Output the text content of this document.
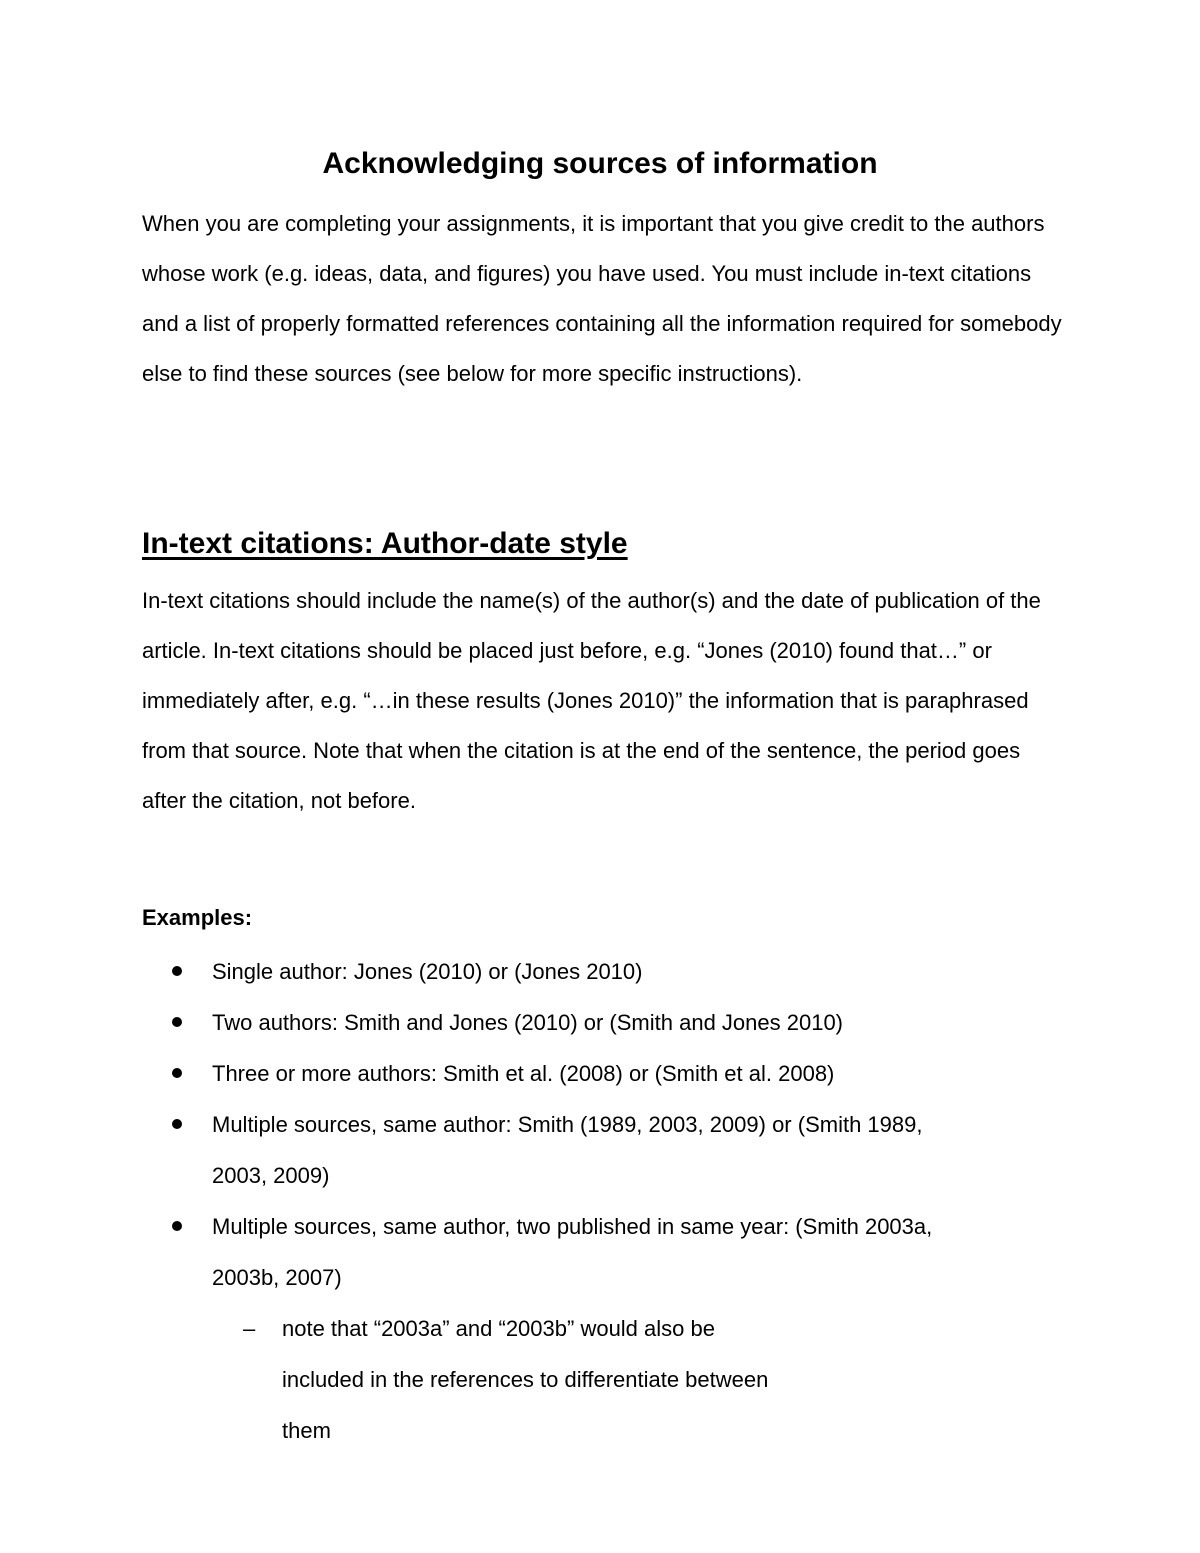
Acknowledging sources of information

When you are completing your assignments, it is important that you give credit to the authors whose work (e.g. ideas, data, and figures) you have used. You must include in-text citations and a list of properly formatted references containing all the information required for somebody else to find these sources (see below for more specific instructions).

In-text citations: Author-date style

In-text citations should include the name(s) of the author(s) and the date of publication of the article. In-text citations should be placed just before, e.g. “Jones (2010) found that…” or immediately after, e.g. “…in these results (Jones 2010)” the information that is paraphrased from that source. Note that when the citation is at the end of the sentence, the period goes after the citation, not before.

Examples:

Single author: Jones (2010) or (Jones 2010)
Two authors: Smith and Jones (2010) or (Smith and Jones 2010)
Three or more authors: Smith et al. (2008) or (Smith et al. 2008)
Multiple sources, same author: Smith (1989, 2003, 2009) or (Smith 1989, 2003, 2009)
Multiple sources, same author, two published in same year: (Smith 2003a, 2003b, 2007)
– note that “2003a” and “2003b” would also be included in the references to differentiate between them
